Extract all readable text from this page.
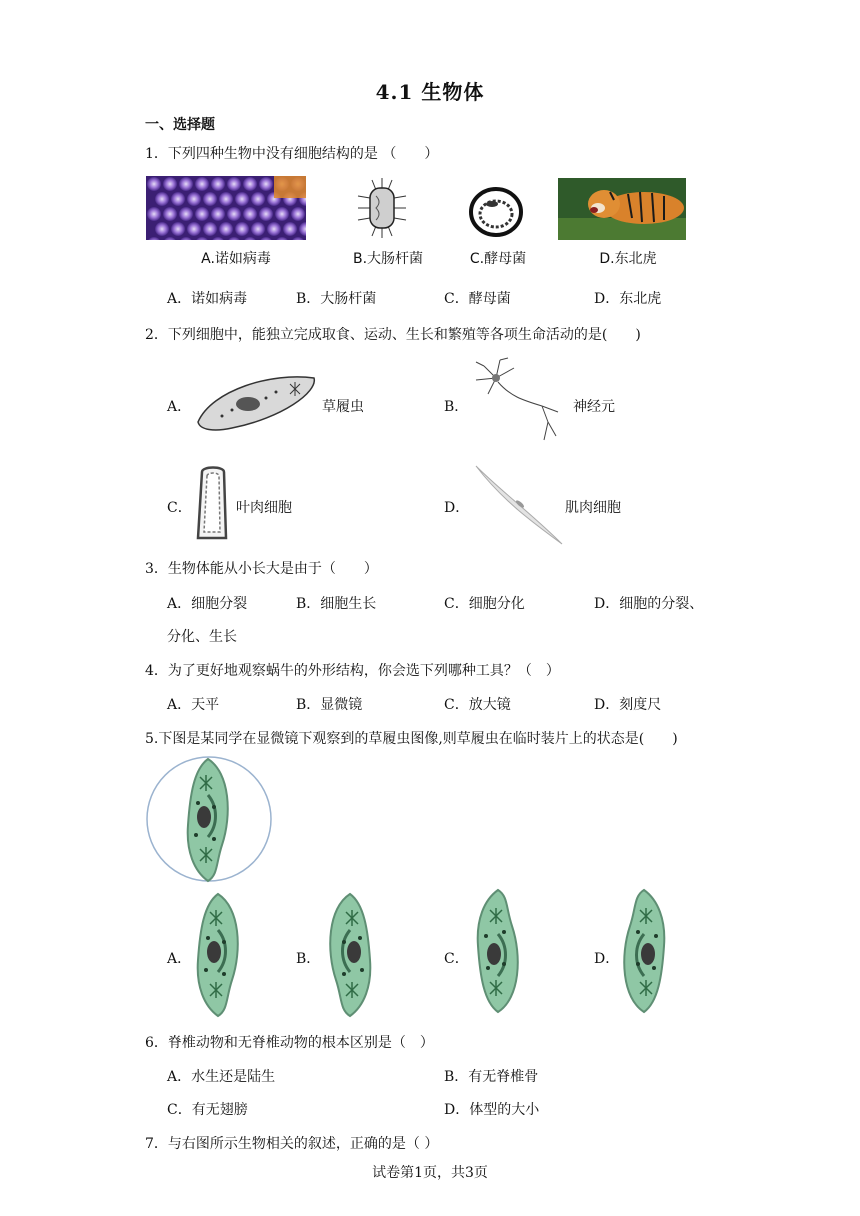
4.1 生物体
一、选择题
1．下列四种生物中没有细胞结构的是 （　　）
A.诺如病毒	B.大肠杆菌	C.酵母菌	D.东北虎
A．诺如病毒	B．大肠杆菌	C．酵母菌	D．东北虎
2．下列细胞中，能独立完成取食、运动、生长和繁殖等各项生命活动的是(　　)
A．	草履虫	B．	神经元
C．	叶肉细胞	D．	肌肉细胞
3．生物体能从小长大是由于（　　）
A．细胞分裂	B．细胞生长	C．细胞分化	D．细胞的分裂、
分化、生长
4．为了更好地观察蜗牛的外形结构，你会选下列哪种工具？（　）
A．天平	B．显微镜	C．放大镜	D．刻度尺
5.下图是某同学在显微镜下观察到的草履虫图像,则草履虫在临时装片上的状态是(　　)
A．	B．	C．	D．
6．脊椎动物和无脊椎动物的根本区别是（　）
A．水生还是陆生	B．有无脊椎骨
C．有无翅膀	D．体型的大小
7．与右图所示生物相关的叙述，正确的是（ ）
试卷第1页，共3页
